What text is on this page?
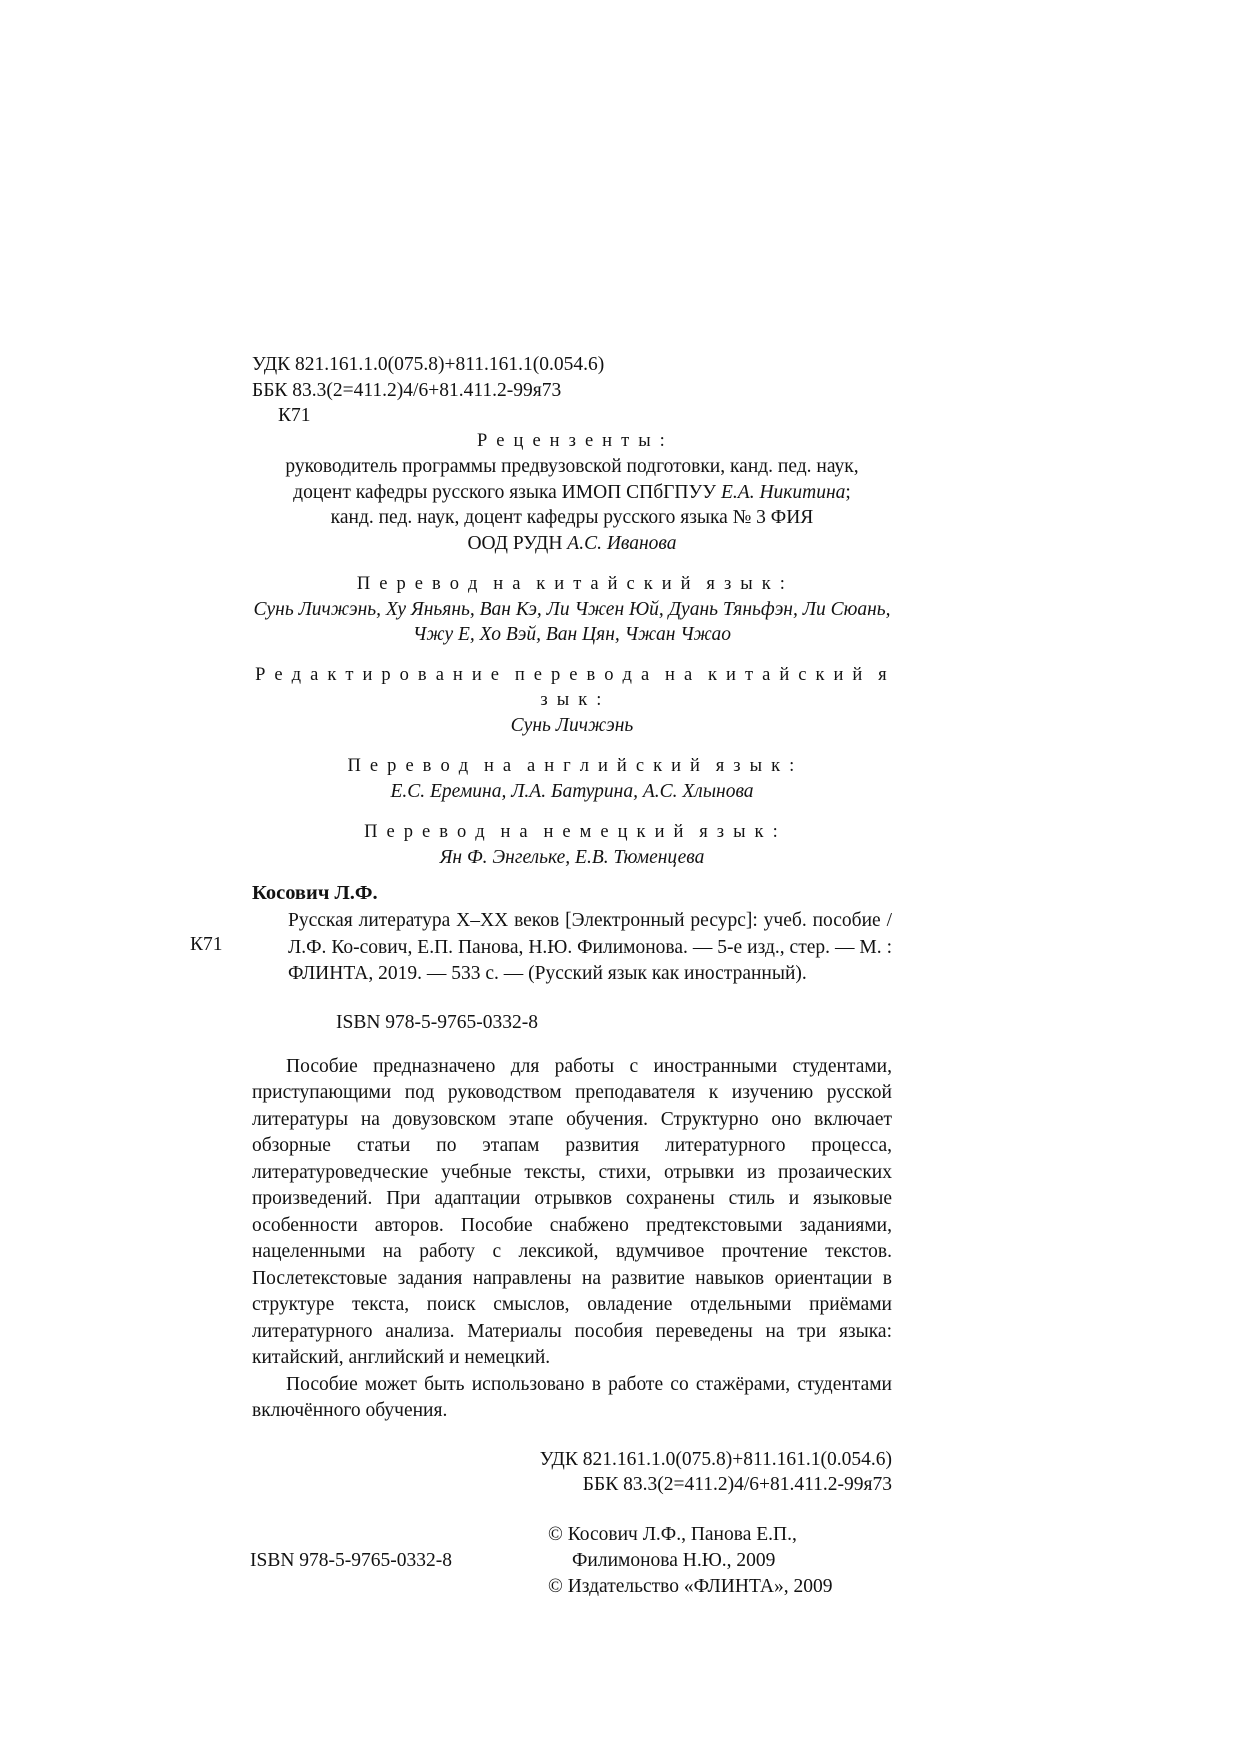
УДК 821.161.1.0(075.8)+811.161.1(0.054.6)
ББК 83.3(2=411.2)4/6+81.411.2-99я73
К71
Р е ц е н з е н т ы :
руководитель программы предвузовской подготовки, канд. пед. наук,
доцент кафедры русского языка ИМОП СПбГПУУ Е.А. Никитина;
канд. пед. наук, доцент кафедры русского языка № 3 ФИЯ
ООД РУДН А.С. Иванова
П е р е в о д  н а  к и т а й с к и й  я з ы к :
Сунь Личжэнь, Ху Яньянь, Ван Кэ, Ли Чжен Юй, Дуань Тяньфэн, Ли Сюань,
Чжу Е, Хо Вэй, Ван Цян, Чжан Чжао
Р е д а к т и р о в а н и е  п е р е в о д а  н а  к и т а й с к и й  я з ы к :
Сунь Личжэнь
П е р е в о д  н а  а н г л и й с к и й  я з ы к :
Е.С. Еремина, Л.А. Батурина, А.С. Хлынова
П е р е в о д  н а  н е м е ц к и й  я з ы к :
Ян Ф. Энгельке, Е.В. Тюменцева
Косович Л.Ф.
К71
Русская литература X–XX веков [Электронный ресурс]: учеб. пособие / Л.Ф. Ко-сович, Е.П. Панова, Н.Ю. Филимонова. — 5-е изд., стер. — М. : ФЛИНТА, 2019. — 533 с. — (Русский язык как иностранный).
ISBN 978-5-9765-0332-8

Пособие предназначено для работы с иностранными студентами, приступающими под руководством преподавателя к изучению русской литературы на довузовском этапе обучения. Структурно оно включает обзорные статьи по этапам развития литературного процесса, литературоведческие учебные тексты, стихи, отрывки из прозаических произведений. При адаптации отрывков сохранены стиль и языковые особенности авторов. Пособие снабжено предтекстовыми заданиями, нацеленными на работу с лексикой, вдумчивое прочтение текстов. Послетекстовые задания направлены на развитие навыков ориентации в структуре текста, поиск смыслов, овладение отдельными приёмами литературного анализа. Материалы пособия переведены на три языка: китайский, английский и немецкий.

Пособие может быть использовано в работе со стажёрами, студентами включённого обучения.

УДК 821.161.1.0(075.8)+811.161.1(0.054.6)
ББК 83.3(2=411.2)4/6+81.411.2-99я73
ISBN 978-5-9765-0332-8
© Косович Л.Ф., Панова Е.П.,
Филимонова Н.Ю., 2009
© Издательство «ФЛИНТА», 2009
